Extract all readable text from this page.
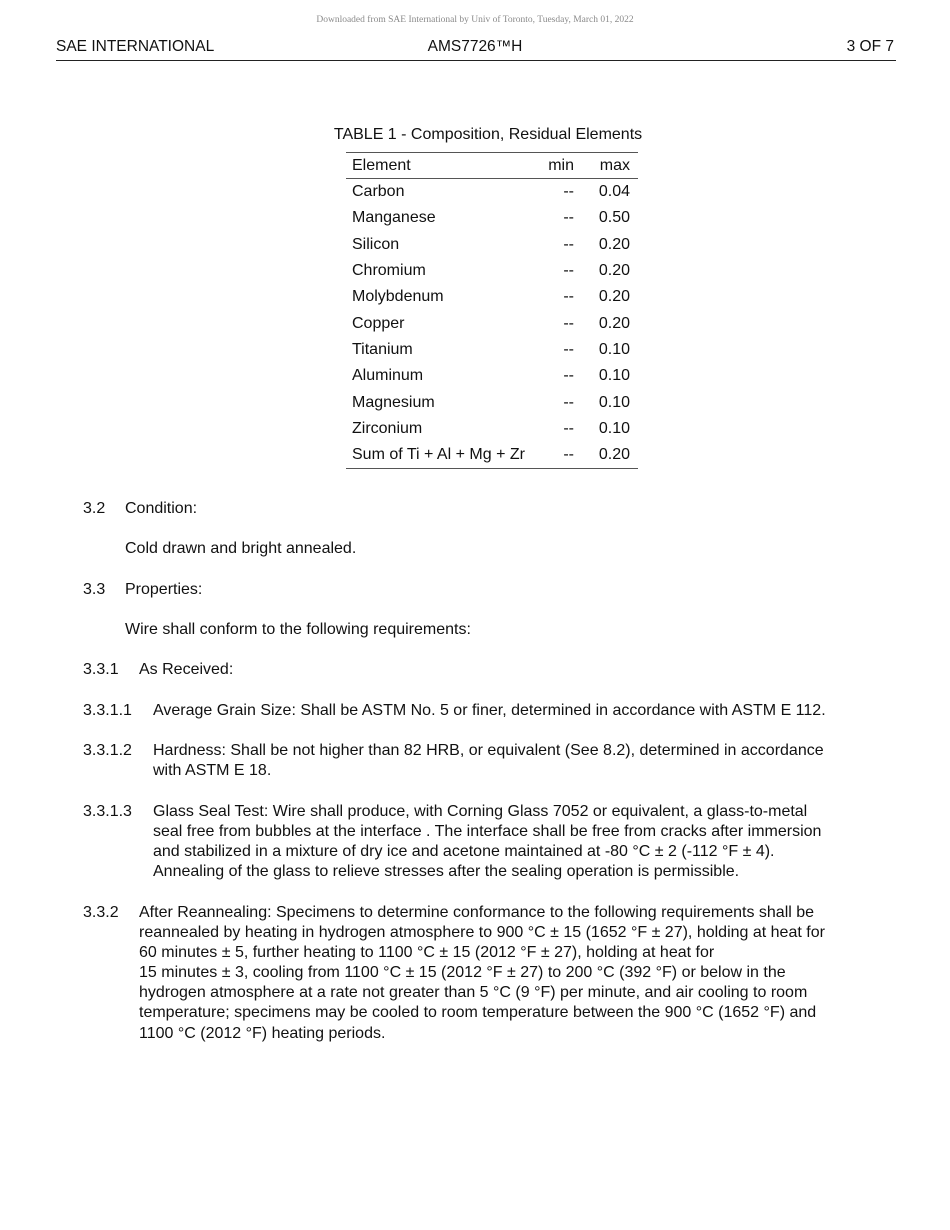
Downloaded from SAE International by Univ of Toronto, Tuesday, March 01, 2022
SAE INTERNATIONAL	AMS7726™H	3 OF 7
TABLE 1 - Composition, Residual Elements
Element	min	max
Carbon	--	0.04
Manganese	--	0.50
Silicon	--	0.20
Chromium	--	0.20
Molybdenum	--	0.20
Copper	--	0.20
Titanium	--	0.10
Aluminum	--	0.10
Magnesium	--	0.10
Zirconium	--	0.10
Sum of Ti + Al + Mg + Zr	--	0.20
3.2 Condition:
Cold drawn and bright annealed.
3.3 Properties:
Wire shall conform to the following requirements:
3.3.1 As Received:
3.3.1.1 Average Grain Size: Shall be ASTM No. 5 or finer, determined in accordance with ASTM E 112.
3.3.1.2 Hardness: Shall be not higher than 82 HRB, or equivalent (See 8.2), determined in accordance
with ASTM E 18.
3.3.1.3 Glass Seal Test: Wire shall produce, with Corning Glass 7052 or equivalent, a glass-to-metal
seal free from bubbles at the interface . The interface shall be free from cracks after immersion
and stabilized in a mixture of dry ice and acetone maintained at -80 °C ± 2 (-112 °F ± 4).
Annealing of the glass to relieve stresses after the sealing operation is permissible.
3.3.2 After Reannealing: Specimens to determine conformance to the following requirements shall be
reannealed by heating in hydrogen atmosphere to 900 °C ± 15 (1652 °F ± 27), holding at heat for
60 minutes ± 5, further heating to 1100 °C ± 15 (2012 °F ± 27), holding at heat for
15 minutes ± 3, cooling from 1100 °C ± 15 (2012 °F ± 27) to 200 °C (392 °F) or below in the
hydrogen atmosphere at a rate not greater than 5 °C (9 °F) per minute, and air cooling to room
temperature; specimens may be cooled to room temperature between the 900 °C (1652 °F) and
1100 °C (2012 °F) heating periods.
